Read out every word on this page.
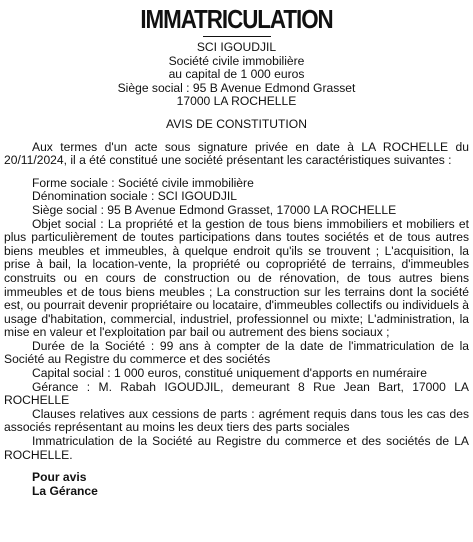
IMMATRICULATION

SCI IGOUDJIL

Société civile immobilière

au capital de 1 000 euros

Siège social : 95 B Avenue Edmond Grasset

17000 LA ROCHELLE

AVIS DE CONSTITUTION

Aux termes d'un acte sous signature privée en date à LA ROCHELLE du 20/11/2024, il a été constitué une société présentant les caractéristiques suivantes :

Forme sociale : Société civile immobilière

Dénomination sociale : SCI IGOUDJIL

Siège social : 95 B Avenue Edmond Grasset, 17000 LA ROCHELLE

Objet social : La propriété et la gestion de tous biens immobiliers et mobiliers et plus particulièrement de toutes participations dans toutes sociétés et de tous autres biens meubles et immeubles, à quelque endroit qu'ils se trouvent ; L'acquisition, la prise à bail, la location-vente, la propriété ou copropriété de terrains, d'immeubles construits ou en cours de construction ou de rénovation, de tous autres biens immeubles et de tous biens meubles ; La construction sur les terrains dont la société est, ou pourrait devenir propriétaire ou locataire, d'immeubles collectifs ou individuels à usage d'habitation, commercial, industriel, professionnel ou mixte; L'administration, la mise en valeur et l'exploitation par bail ou autrement des biens sociaux ;

Durée de la Société : 99 ans à compter de la date de l'immatriculation de la Société au Registre du commerce et des sociétés

Capital social : 1 000 euros, constitué uniquement d'apports en numéraire

Gérance : M. Rabah IGOUDJIL, demeurant 8 Rue Jean Bart, 17000 LA ROCHELLE

Clauses relatives aux cessions de parts : agrément requis dans tous les cas des associés représentant au moins les deux tiers des parts sociales

Immatriculation de la Société au Registre du commerce et des sociétés de LA ROCHELLE.

Pour avis

La Gérance
